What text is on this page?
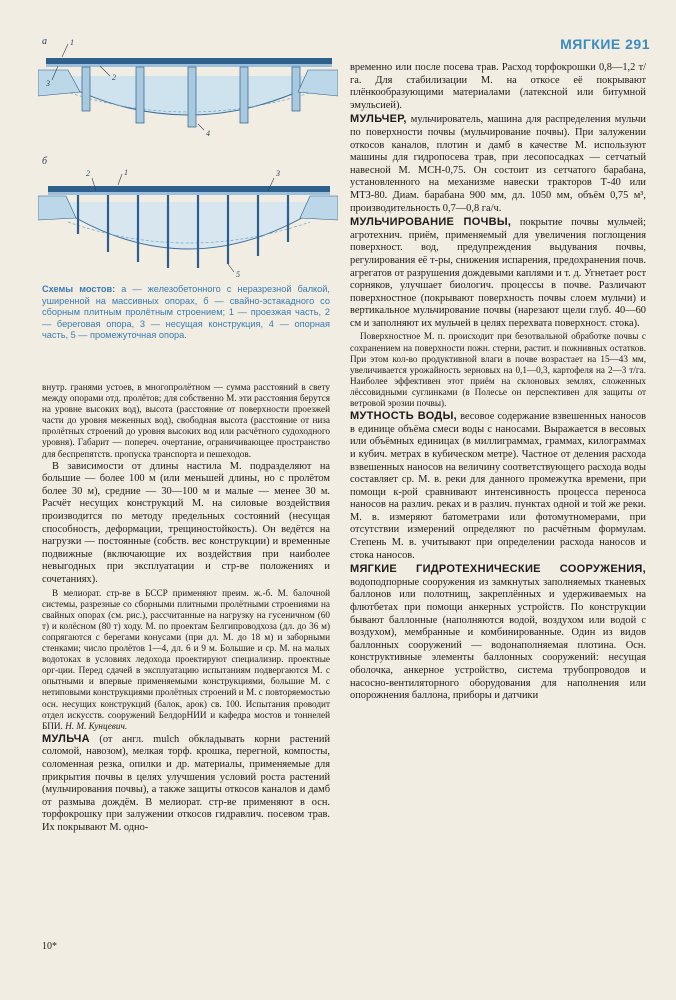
МЯГКИЕ 291
а	1
3
2
4
б
1
2	3
5
Схемы мостов: а — железобетонного с неразрезной балкой, уширенной на массивных опорах, б — свайно-эстакадного со сборным плитным пролётным строением; 1 — проезжая часть, 2 — береговая опора, 3 — несущая конструкция, 4 — опорная часть, 5 — промежуточная опора.

внутр. гранями устоев, в многопролётном — сумма расстояний в свету между опорами отд. пролётов; для собственно М. эти расстояния берутся на уровне высоких вод), высота (расстояние от поверхности проезжей части до уровня меженных вод), свободная высота (расстояние от низа пролётных строений до уровня высоких вод или расчётного судоходного уровня). Габарит — попереч. очертание, ограничивающее пространство для беспрепятств. пропуска транспорта и пешеходов.

В зависимости от длины настила М. подразделяют на большие — более 100 м (или меньшей длины, но с пролётом более 30 м), средние — 30—100 м и малые — менее 30 м. Расчёт несущих конструкций М. на силовые воздействия производится по методу предельных состояний (несущая способность, деформации, трещиностойкость). Он ведётся на нагрузки — постоянные (собств. вес конструкции) и временные подвижные (включающие их воздействия при наиболее невыгодных при эксплуатации и стр-ве положениях и сочетаниях).

В мелиорат. стр-ве в БССР применяют преим. ж.-б. М. балочной системы, разрезные со сборными плитными пролётными строениями на свайных опорах (см. рис.), рассчитанные на нагрузку на гусеничном (60 т) и колёсном (80 т) ходу. М. по проектам Белгипроводхоза (дл. до 36 м) сопрягаются с берегами конусами (при дл. М. до 18 м) и заборными стенками; число пролётов 1—4, дл. 6 и 9 м. Большие и ср. М. на малых водотоках в условиях ледохода проектируют специализир. проектные орг-ции. Перед сдачей в эксплуатацию испытаниям подвергаются М. с опытными и впервые применяемыми конструкциями, большие М. с нетиповыми конструкциями пролётных строений и М. с повторяемостью осн. несущих конструкций (балок, арок) св. 100. Испытания проводит отдел искусств. сооружений БелдорНИИ и кафедра мостов и тоннелей БПИ. Н. М. Кунцевич.

МУЛЬЧА (от англ. mulch обкладывать корни растений соломой, навозом), мелкая торф. крошка, перегной, компосты, соломенная резка, опилки и др. материалы, применяемые для прикрытия почвы в целях улучшения условий роста растений (мульчирования почвы), а также защиты откосов каналов и дамб от размыва дождём. В мелиорат. стр-ве применяют в осн. торфокрошку при залужении откосов гидравлич. посевом трав. Их покрывают М. одно-

временно или после посева трав. Расход торфокрошки 0,8—1,2 т/га. Для стабилизации М. на откосе её покрывают плёнкообразующими материалами (латексной или битумной эмульсией).

МУЛЬЧЕР, мульчирователь, машина для распределения мульчи по поверхности почвы (мульчирование почвы). При залужении откосов каналов, плотин и дамб в качестве М. используют машины для гидропосева трав, при лесопосадках — сетчатый навесной М. МСН-0,75. Он состоит из сетчатого барабана, установленного на механизме навески тракторов Т-40 или МТЗ-80. Диам. барабана 900 мм, дл. 1050 мм, объём 0,75 м³, производительность 0,7—0,8 га/ч.

МУЛЬЧИРОВАНИЕ ПОЧВЫ, покрытие почвы мульчей; агротехнич. приём, применяемый для увеличения поглощения поверхност. вод, предупреждения выдувания почвы, регулирования её т-ры, снижения испарения, предохранения почв. агрегатов от разрушения дождевыми каплями и т. д. Угнетает рост сорняков, улучшает биологич. процессы в почве. Различают поверхностное (покрывают поверхность почвы слоем мульчи) и вертикальное мульчирование почвы (нарезают щели глуб. 40—60 см и заполняют их мульчей в целях перехвата поверхност. стока).

Поверхностное М. п. происходит при безотвальной обработке почвы с сохранением на поверхности пожн. стерни, растит. и пожнивных остатков. При этом кол-во продуктивной влаги в почве возрастает на 15—43 мм, увеличивается урожайность зерновых на 0,1—0,3, картофеля на 2—3 т/га. Наиболее эффективен этот приём на склоновых землях, сложенных лёссовидными суглинками (в Полесье он перспективен для защиты от ветровой эрозии почвы).

МУТНОСТЬ ВОДЫ, весовое содержание взвешенных наносов в единице объёма смеси воды с наносами. Выражается в весовых или объёмных единицах (в миллиграммах, граммах, килограммах и кубич. метрах в кубическом метре). Частное от деления расхода взвешенных наносов на величину соответствующего расхода воды составляет ср. М. в. реки для данного промежутка времени, при помощи к-рой сравнивают интенсивность процесса переноса наносов на различ. реках и в различ. пунктах одной и той же реки. М. в. измеряют батометрами или фотомутномерами, при отсутствии измерений определяют по расчётным формулам. Степень М. в. учитывают при определении расхода наносов и стока наносов.

МЯГКИЕ ГИДРОТЕХНИЧЕСКИЕ СООРУЖЕНИЯ, водоподпорные сооружения из замкнутых заполняемых тканевых баллонов или полотнищ, закреплённых и удерживаемых на флютбетах при помощи анкерных устройств. По конструкции бывают баллонные (наполняются водой, воздухом или водой с воздухом), мембранные и комбинированные. Один из видов баллонных сооружений — водонаполняемая плотина. Осн. конструктивные элементы баллонных сооружений: несущая оболочка, анкерное устройство, система трубопроводов и насосно-вентиляторного оборудования для наполнения или опорожнения баллона, приборы и датчики

10*
